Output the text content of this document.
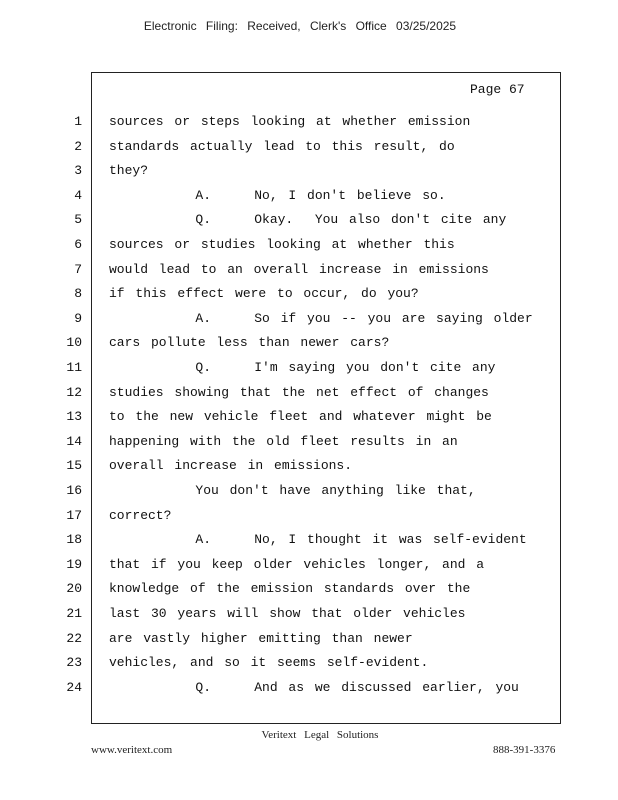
Electronic Filing: Received, Clerk's Office 03/25/2025
Page 67
1 sources or steps looking at whether emission
2 standards actually lead to this result, do
3 they?
4 A.    No, I don't believe so.
5 Q.    Okay.  You also don't cite any
6 sources or studies looking at whether this
7 would lead to an overall increase in emissions
8 if this effect were to occur, do you?
9 A.    So if you -- you are saying older
10 cars pollute less than newer cars?
11 Q.    I'm saying you don't cite any
12 studies showing that the net effect of changes
13 to the new vehicle fleet and whatever might be
14 happening with the old fleet results in an
15 overall increase in emissions.
16 You don't have anything like that,
17 correct?
18 A.    No, I thought it was self-evident
19 that if you keep older vehicles longer, and a
20 knowledge of the emission standards over the
21 last 30 years will show that older vehicles
22 are vastly higher emitting than newer
23 vehicles, and so it seems self-evident.
24 Q.    And as we discussed earlier, you
Veritext Legal Solutions
www.veritext.com	888-391-3376
